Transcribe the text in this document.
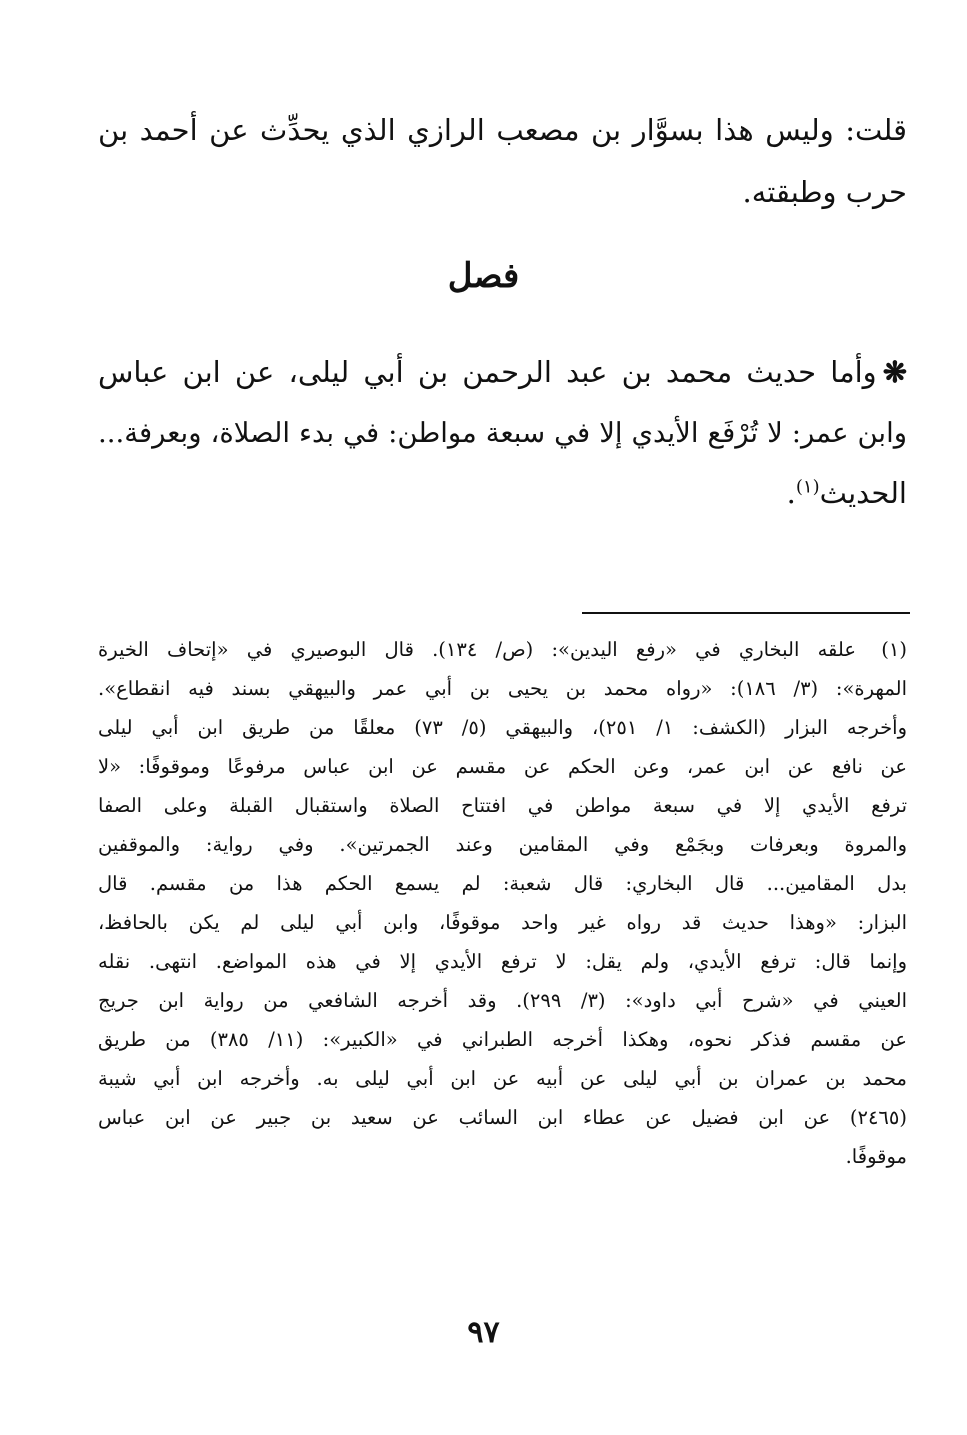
قلت: وليس هذا بسوَّار بن مصعب الرازي الذي يحدِّث عن أحمد بن
حرب وطبقته.
فصل
❋وأما حديث محمد بن عبد الرحمن بن أبي ليلى، عن ابن عباس
وابن عمر: لا تُرْفَع الأيدي إلا في سبعة مواطن: في بدء الصلاة، وبعرفة...
الحديث$^{(١)}$.
(١)
علقه البخاري في «رفع اليدين»: (ص/ ١٣٤). قال البوصيري في «إتحاف الخيرة
المهرة»: (٣/ ١٨٦): «رواه محمد بن يحيى بن أبي عمر والبيهقي بسند فيه انقطاع».
وأخرجه البزار (الكشف: ١/ ٢٥١)، والبيهقي (٥/ ٧٣) معلقًا من طريق ابن أبي ليلى
عن نافع عن ابن عمر، وعن الحكم عن مقسم عن ابن عباس مرفوعًا وموقوفًا: «لا
ترفع الأيدي إلا في سبعة مواطن في افتتاح الصلاة واستقبال القبلة وعلى الصفا
والمروة وبعرفات وبجَمْع وفي المقامين وعند الجمرتين». وفي رواية: والموقفين
بدل المقامين... قال البخاري: قال شعبة: لم يسمع الحكم هذا من مقسم. قال
البزار: «وهذا حديث قد رواه غير واحد موقوفًا، وابن أبي ليلى لم يكن بالحافظ،
وإنما قال: ترفع الأيدي، ولم يقل: لا ترفع الأيدي إلا في هذه المواضع. انتهى. نقله
العيني في «شرح أبي داود»: (٣/ ٢٩٩). وقد أخرجه الشافعي من رواية ابن جريج
عن مقسم فذكر نحوه، وهكذا أخرجه الطبراني في «الكبير»: (١١/ ٣٨٥) من طريق
محمد بن عمران بن أبي ليلى عن أبيه عن ابن أبي ليلى به. وأخرجه ابن أبي شيبة
(٢٤٦٥) عن ابن فضيل عن عطاء ابن السائب عن سعيد بن جبير عن ابن عباس
موقوفًا.
٩٧
